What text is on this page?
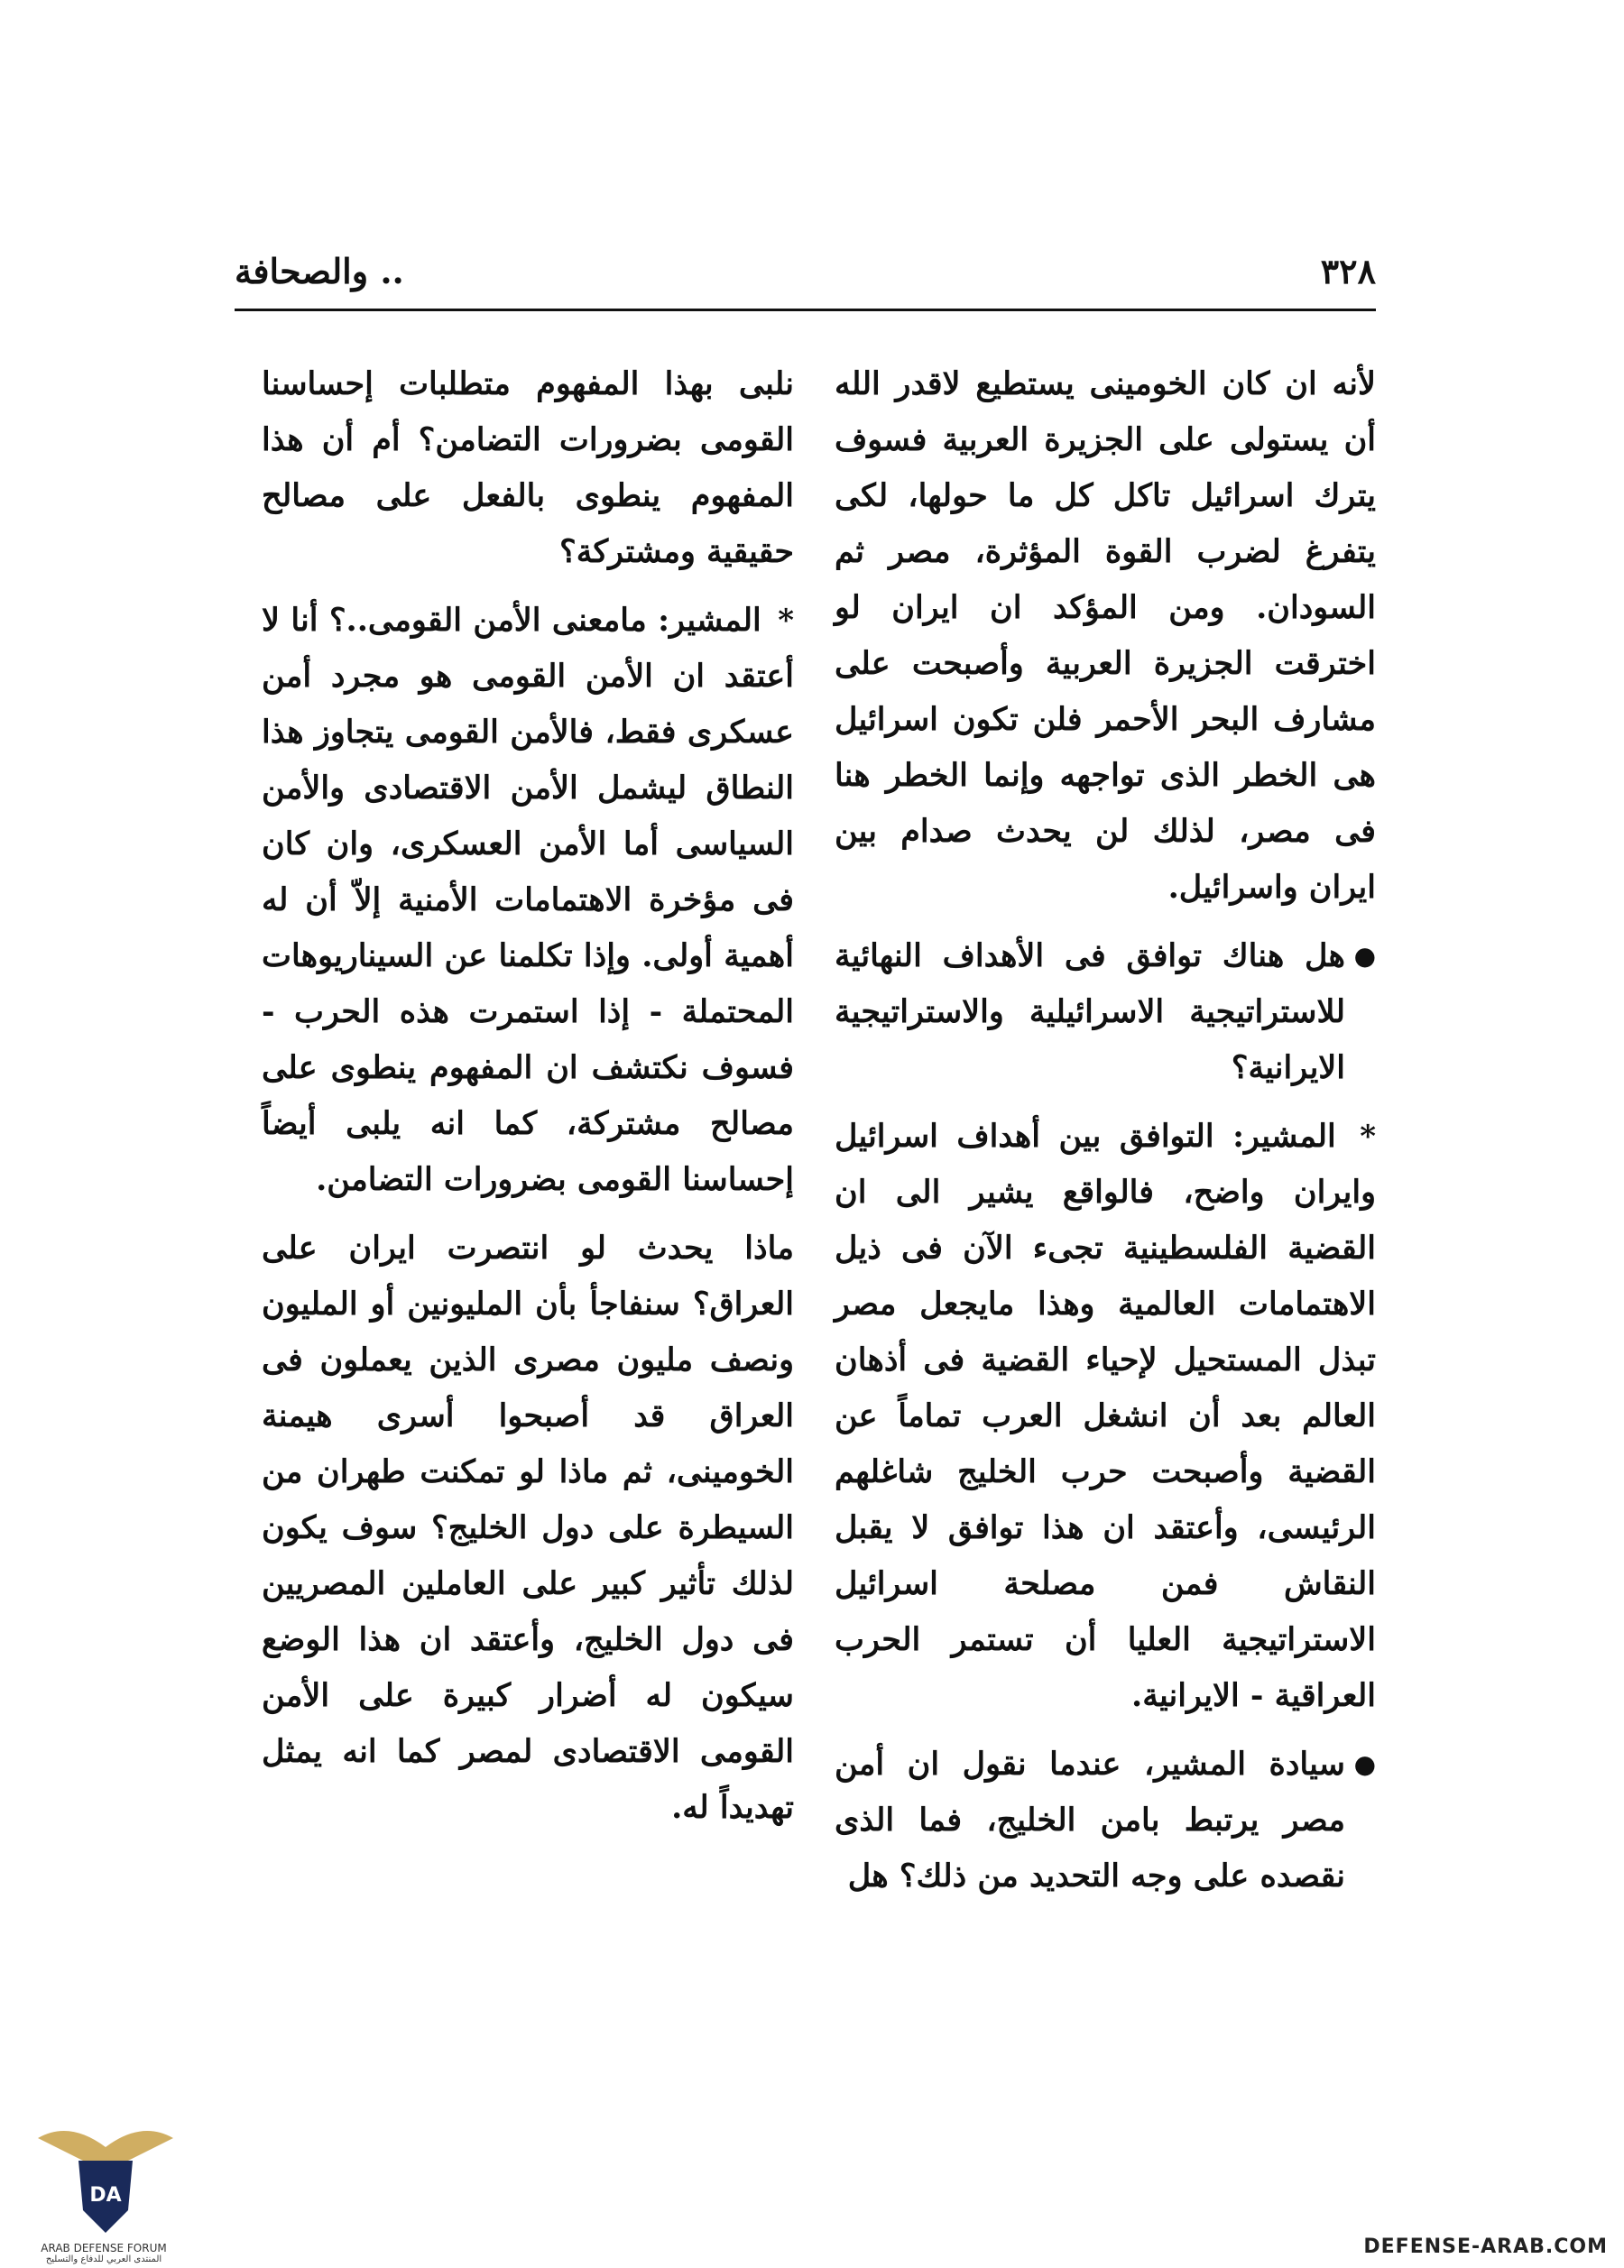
٣٢٨
.. والصحافة

لأنه ان كان الخومينى يستطيع لاقدر الله أن يستولى على الجزيرة العربية فسوف يترك اسرائيل تاكل كل ما حولها، لكى يتفرغ لضرب القوة المؤثرة، مصر ثم السودان. ومن المؤكد ان ايران لو اخترقت الجزيرة العربية وأصبحت على مشارف البحر الأحمر فلن تكون اسرائيل هى الخطر الذى تواجهه وإنما الخطر هنا فى مصر، لذلك لن يحدث صدام بين ايران واسرائيل.

●
هل هناك توافق فى الأهداف النهائية للاستراتيجية الاسرائيلية والاستراتيجية الايرانية؟

* المشير: التوافق بين أهداف اسرائيل وايران واضح، فالواقع يشير الى ان القضية الفلسطينية تجىء الآن فى ذيل الاهتمامات العالمية وهذا مايجعل مصر تبذل المستحيل لإحياء القضية فى أذهان العالم بعد أن انشغل العرب تماماً عن القضية وأصبحت حرب الخليج شاغلهم الرئيسى، وأعتقد ان هذا توافق لا يقبل النقاش فمن مصلحة اسرائيل الاستراتيجية العليا أن تستمر الحرب العراقية - الايرانية.

●
سيادة المشير، عندما نقول ان أمن مصر يرتبط بامن الخليج، فما الذى نقصده على وجه التحديد من ذلك؟ هل

نلبى بهذا المفهوم متطلبات إحساسنا القومى بضرورات التضامن؟ أم أن هذا المفهوم ينطوى بالفعل على مصالح حقيقية ومشتركة؟

* المشير: مامعنى الأمن القومى..؟ أنا لا أعتقد ان الأمن القومى هو مجرد أمن عسكرى فقط، فالأمن القومى يتجاوز هذا النطاق ليشمل الأمن الاقتصادى والأمن السياسى أما الأمن العسكرى، وان كان فى مؤخرة الاهتمامات الأمنية إلاّ أن له أهمية أولى. وإذا تكلمنا عن السيناريوهات المحتملة - إذا استمرت هذه الحرب - فسوف نكتشف ان المفهوم ينطوى على مصالح مشتركة، كما انه يلبى أيضاً إحساسنا القومى بضرورات التضامن.

ماذا يحدث لو انتصرت ايران على العراق؟ سنفاجأ بأن المليونين أو المليون ونصف مليون مصرى الذين يعملون فى العراق قد أصبحوا أسرى هيمنة الخومينى، ثم ماذا لو تمكنت طهران من السيطرة على دول الخليج؟ سوف يكون لذلك تأثير كبير على العاملين المصريين فى دول الخليج، وأعتقد ان هذا الوضع سيكون له أضرار كبيرة على الأمن القومى الاقتصادى لمصر كما انه يمثل تهديداً له.

DA
ARAB DEFENSE FORUM
المنتدى العربي للدفاع والتسليح
DEFENSE-ARAB.COM
